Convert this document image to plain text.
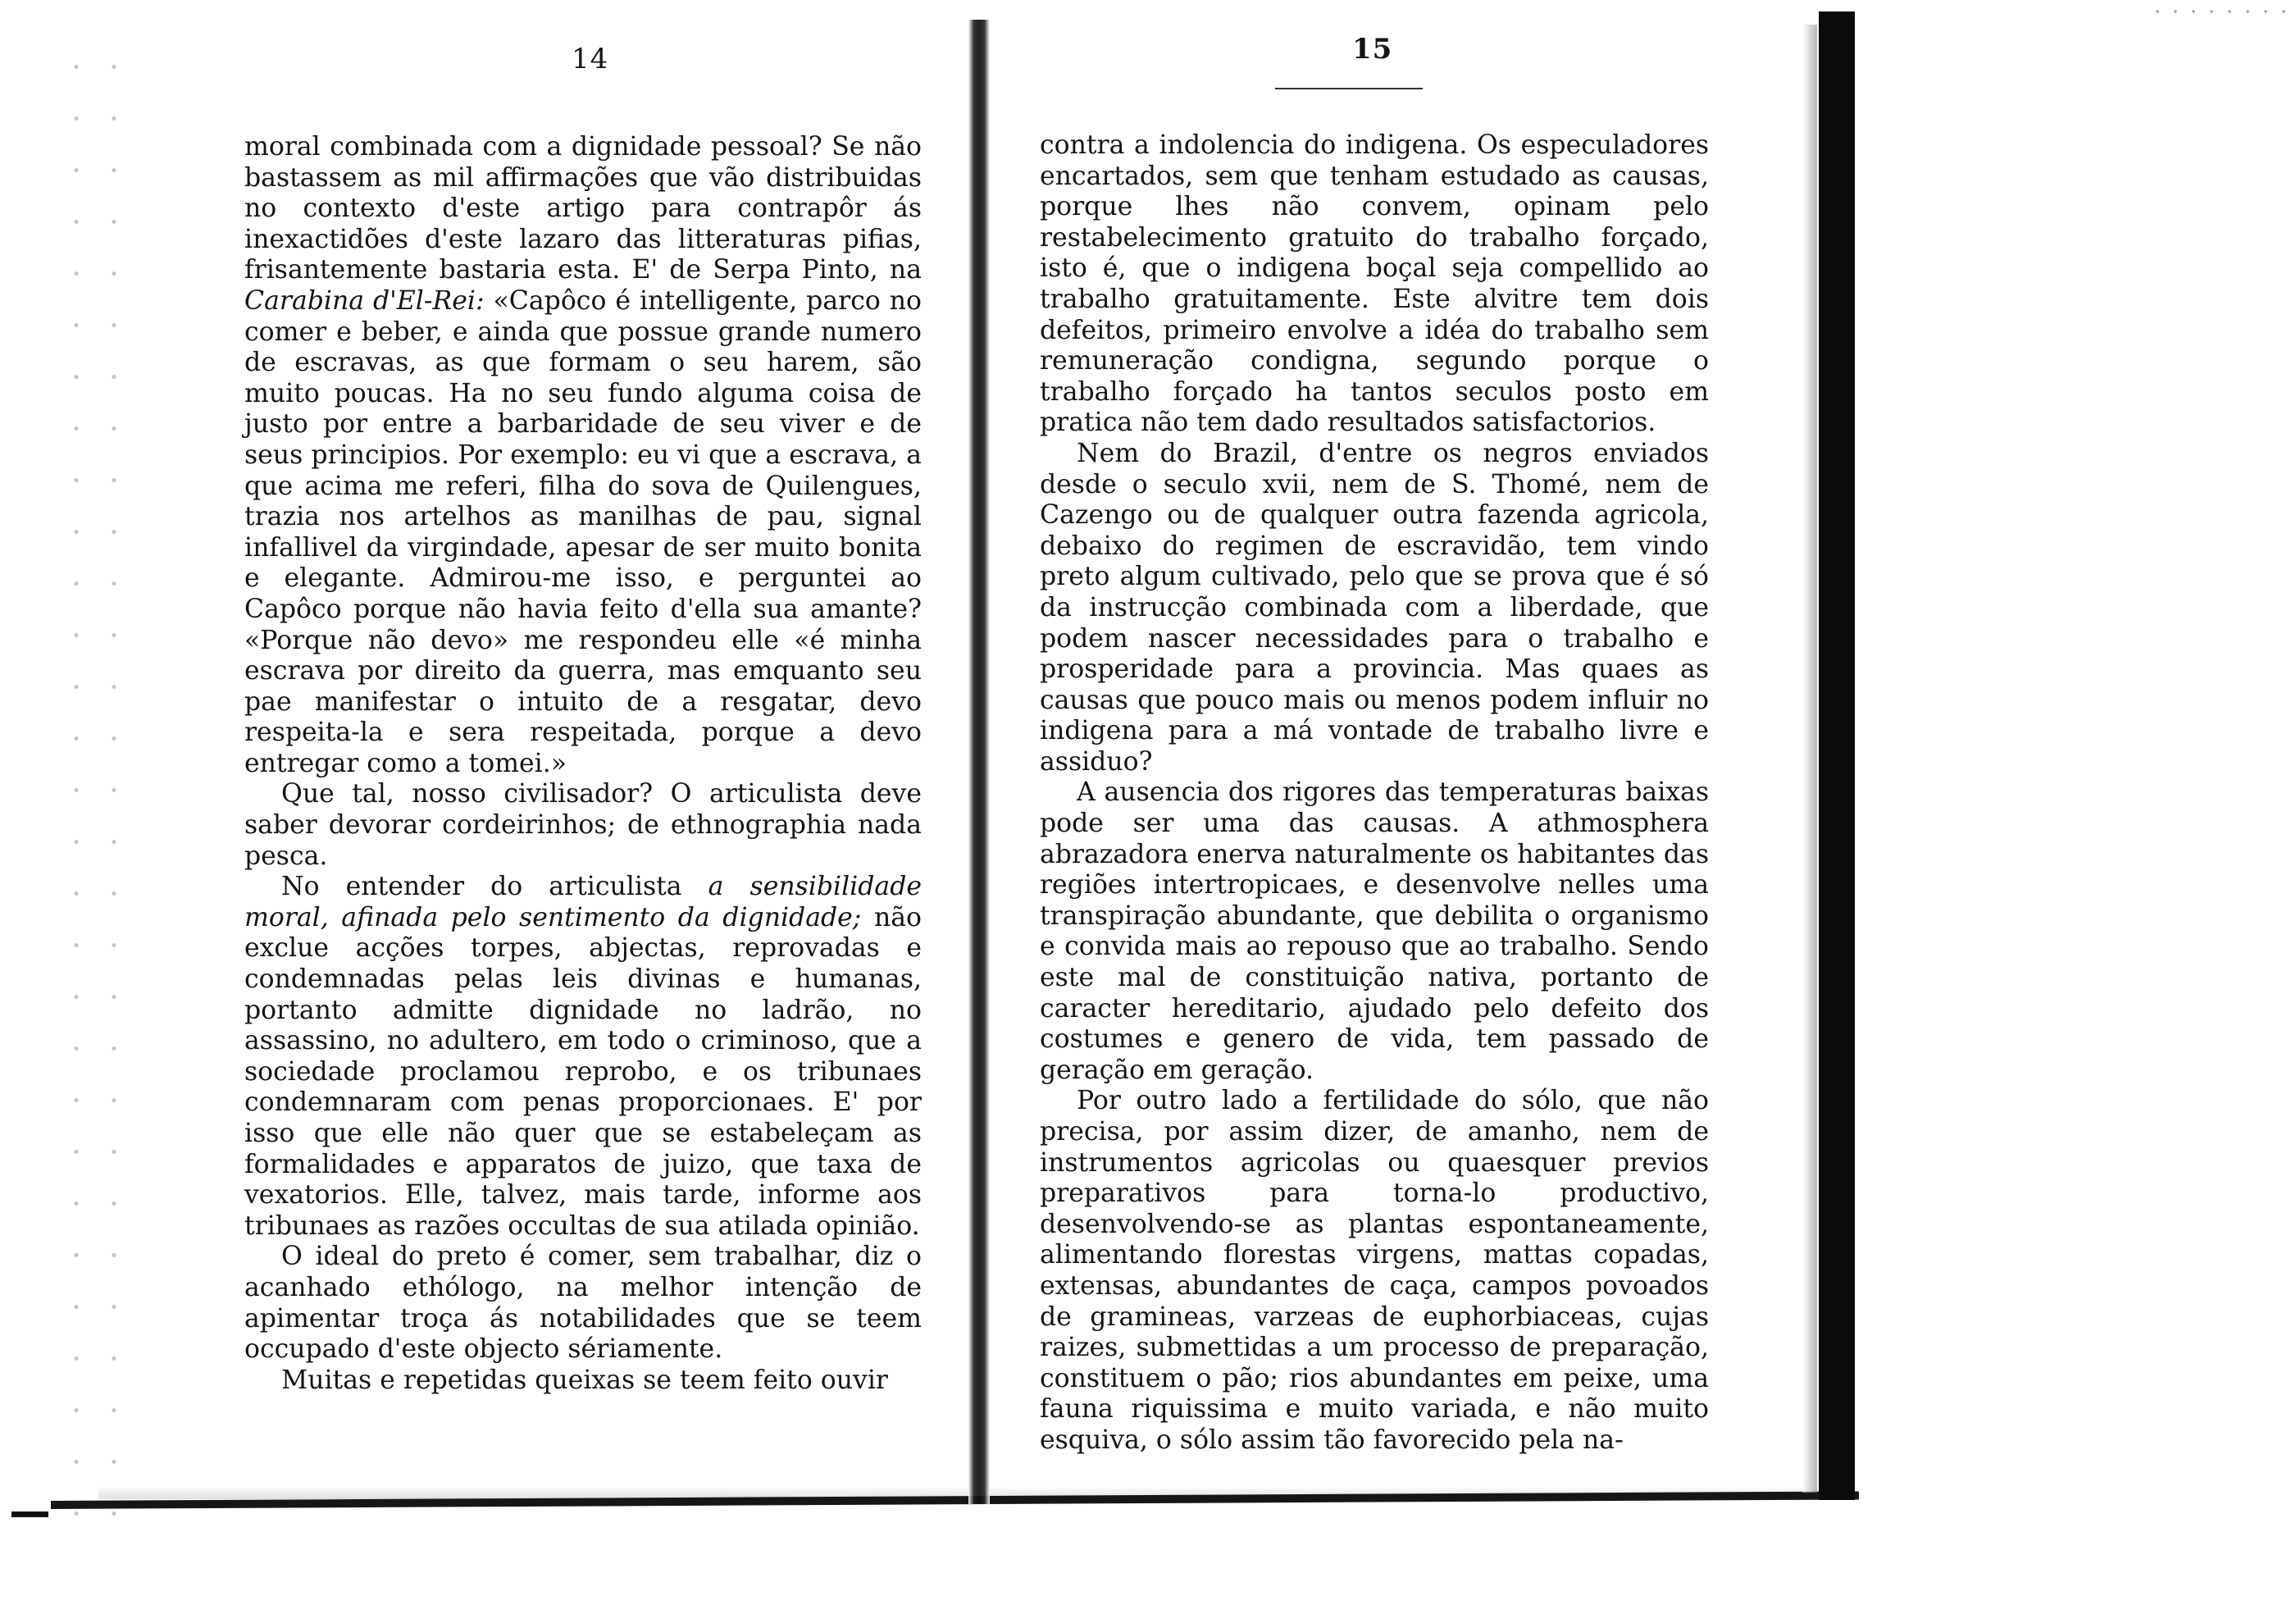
14

moral combinada com a dignidade pessoal? Se não bastassem as mil affirmações que vão distribuidas no contexto d'este artigo para contrapôr ás inexactidões d'este lazaro das litteraturas pifias, frisantemente bastaria esta. E' de Serpa Pinto, na Carabina d'El-Rei: «Capôco é intelligente, parco no comer e beber, e ainda que possue grande numero de escravas, as que formam o seu harem, são muito poucas. Ha no seu fundo alguma coisa de justo por entre a barbaridade de seu viver e de seus principios. Por exemplo: eu vi que a escrava, a que acima me referi, filha do sova de Quilengues, trazia nos artelhos as manilhas de pau, signal infallivel da virgindade, apesar de ser muito bonita e elegante. Admirou-me isso, e perguntei ao Capôco porque não havia feito d'ella sua amante? «Porque não devo» me respondeu elle «é minha escrava por direito da guerra, mas emquanto seu pae manifestar o intuito de a resgatar, devo respeita-la e sera respeitada, porque a devo entregar como a tomei.»

Que tal, nosso civilisador? O articulista deve saber devorar cordeirinhos; de ethnographia nada pesca.

No entender do articulista a sensibilidade moral, afinada pelo sentimento da dignidade; não exclue acções torpes, abjectas, reprovadas e condemnadas pelas leis divinas e humanas, portanto admitte dignidade no ladrão, no assassino, no adultero, em todo o criminoso, que a sociedade proclamou reprobo, e os tribunaes condemnaram com penas proporcionaes. E' por isso que elle não quer que se estabeleçam as formalidades e apparatos de juizo, que taxa de vexatorios. Elle, talvez, mais tarde, informe aos tribunaes as razões occultas de sua atilada opinião.

O ideal do preto é comer, sem trabalhar, diz o acanhado ethólogo, na melhor intenção de apimentar troça ás notabilidades que se teem occupado d'este objecto sériamente.

Muitas e repetidas queixas se teem feito ouvir

15

contra a indolencia do indigena. Os especuladores encartados, sem que tenham estudado as causas, porque lhes não convem, opinam pelo restabelecimento gratuito do trabalho forçado, isto é, que o indigena boçal seja compellido ao trabalho gratuitamente. Este alvitre tem dois defeitos, primeiro envolve a idéa do trabalho sem remuneração condigna, segundo porque o trabalho forçado ha tantos seculos posto em pratica não tem dado resultados satisfactorios.

Nem do Brazil, d'entre os negros enviados desde o seculo xvii, nem de S. Thomé, nem de Cazengo ou de qualquer outra fazenda agricola, debaixo do regimen de escravidão, tem vindo preto algum cultivado, pelo que se prova que é só da instrucção combinada com a liberdade, que podem nascer necessidades para o trabalho e prosperidade para a provincia. Mas quaes as causas que pouco mais ou menos podem influir no indigena para a má vontade de trabalho livre e assiduo?

A ausencia dos rigores das temperaturas baixas pode ser uma das causas. A athmosphera abrazadora enerva naturalmente os habitantes das regiões intertropicaes, e desenvolve nelles uma transpiração abundante, que debilita o organismo e convida mais ao repouso que ao trabalho. Sendo este mal de constituição nativa, portanto de caracter hereditario, ajudado pelo defeito dos costumes e genero de vida, tem passado de geração em geração.

Por outro lado a fertilidade do sólo, que não precisa, por assim dizer, de amanho, nem de instrumentos agricolas ou quaesquer previos preparativos para torna-lo productivo, desenvolvendo-se as plantas espontaneamente, alimentando florestas virgens, mattas copadas, extensas, abundantes de caça, campos povoados de gramineas, varzeas de euphorbiaceas, cujas raizes, submettidas a um processo de preparação, constituem o pão; rios abundantes em peixe, uma fauna riquissima e muito variada, e não muito esquiva, o sólo assim tão favorecido pela na-
